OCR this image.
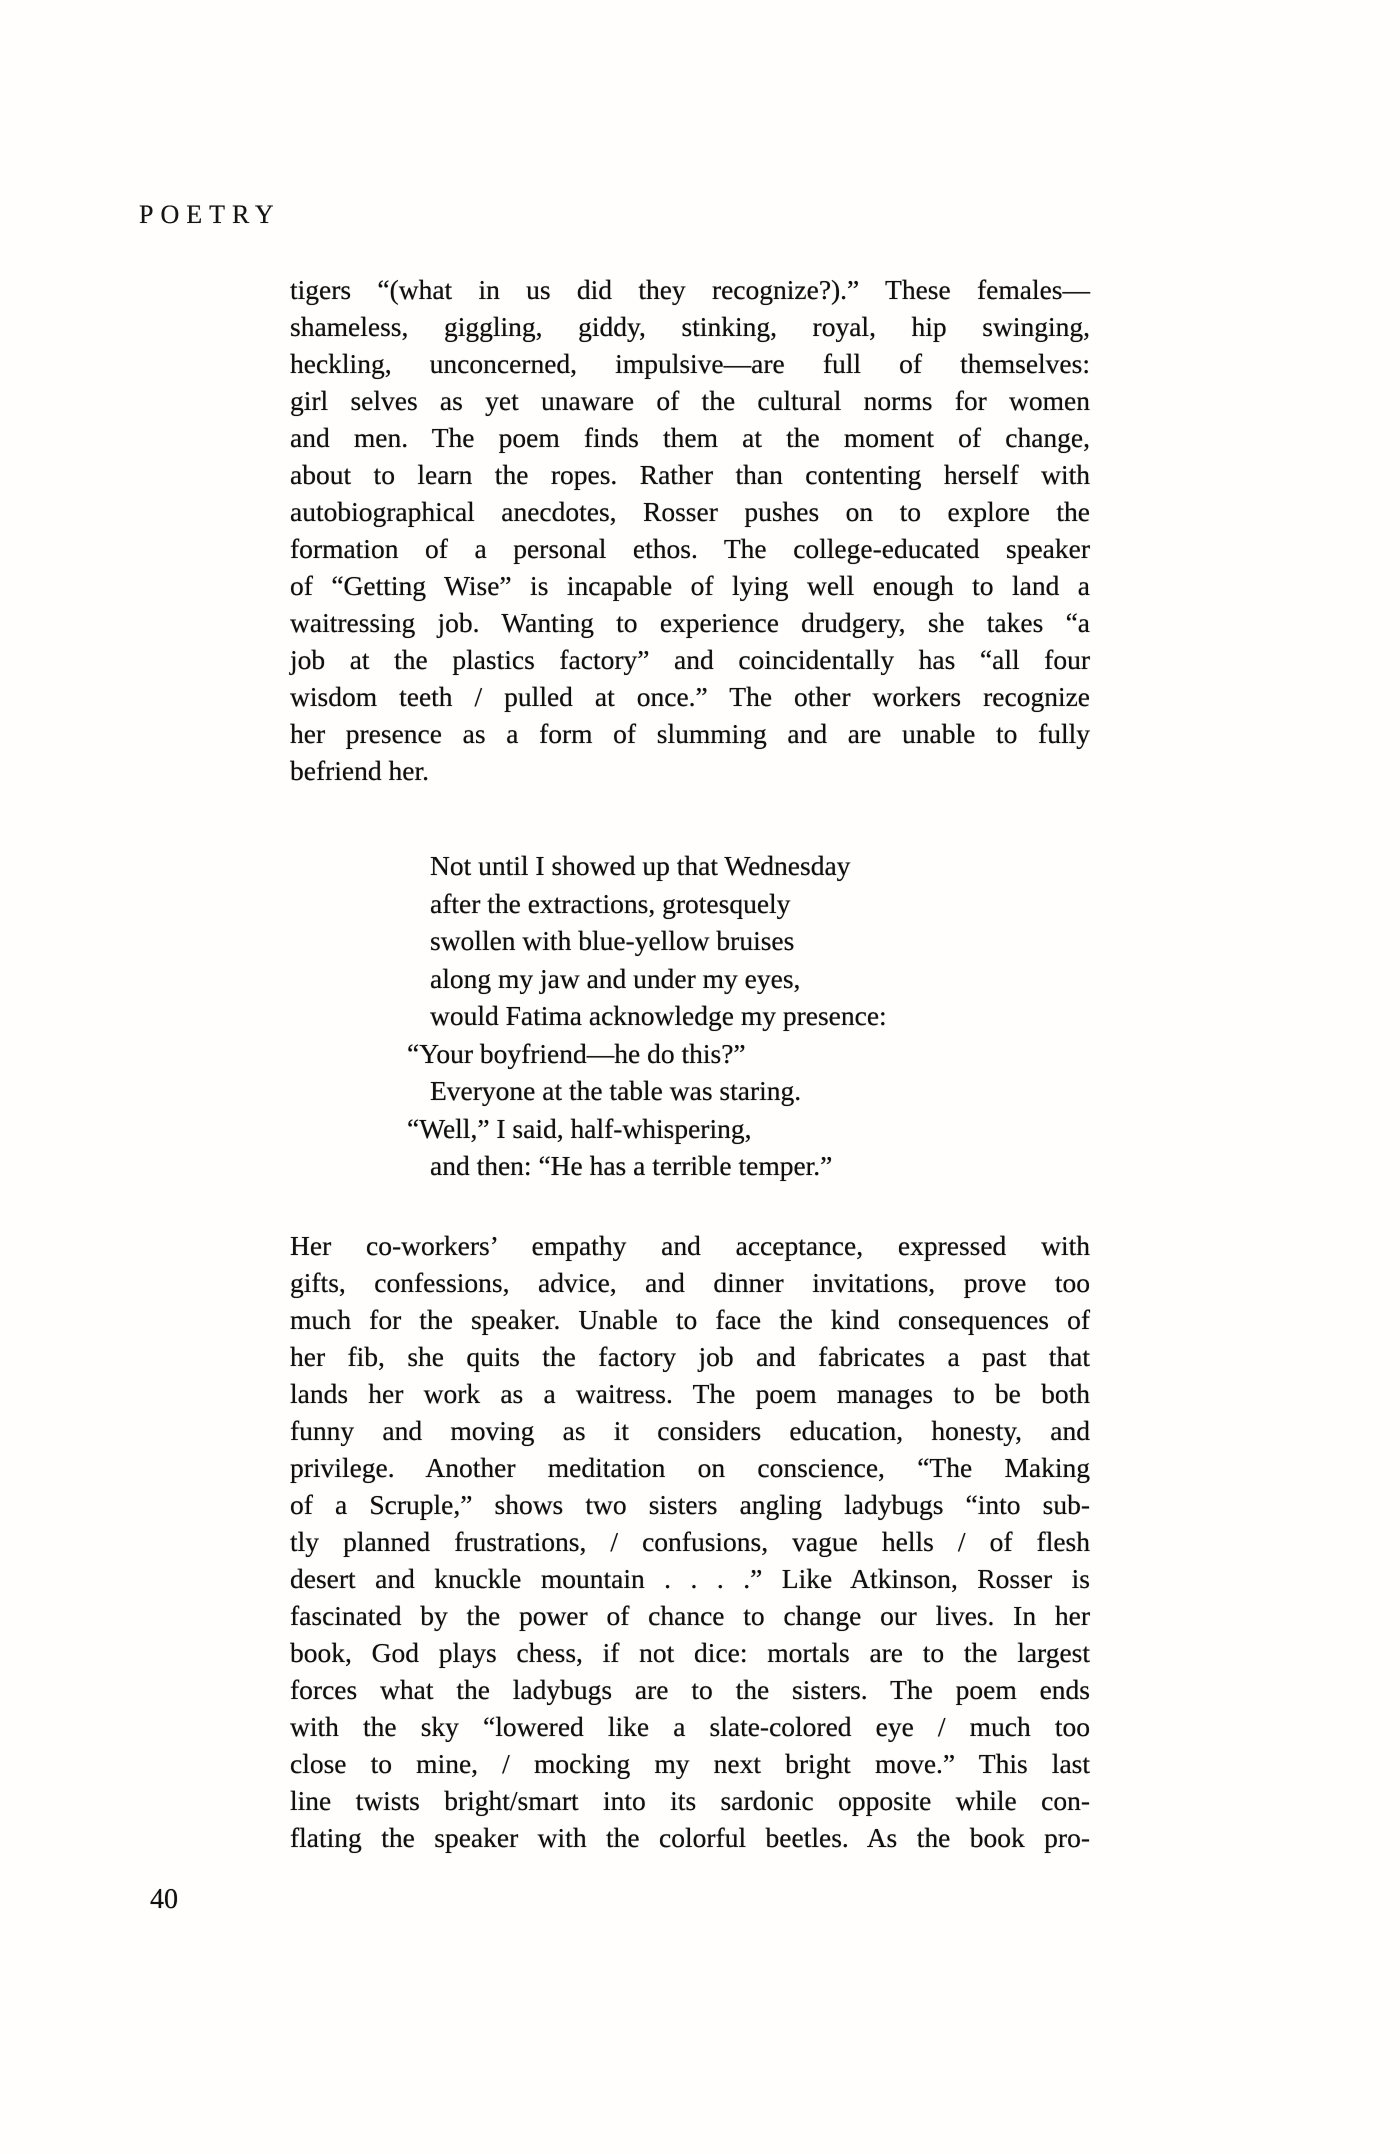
POETRY
tigers “(what in us did they recognize?).” These females—
shameless, giggling, giddy, stinking, royal, hip swinging,
heckling, unconcerned, impulsive—are full of themselves:
girl selves as yet unaware of the cultural norms for women
and men. The poem finds them at the moment of change,
about to learn the ropes. Rather than contenting herself with
autobiographical anecdotes, Rosser pushes on to explore the
formation of a personal ethos. The college-educated speaker
of “Getting Wise” is incapable of lying well enough to land a
waitressing job. Wanting to experience drudgery, she takes “a
job at the plastics factory” and coincidentally has “all four
wisdom teeth / pulled at once.” The other workers recognize
her presence as a form of slumming and are unable to fully
befriend her.
Not until I showed up that Wednesday
after the extractions, grotesquely
swollen with blue-yellow bruises
along my jaw and under my eyes,
would Fatima acknowledge my presence:
“Your boyfriend—he do this?”
Everyone at the table was staring.
“Well,” I said, half-whispering,
and then: “He has a terrible temper.”
Her co-workers’ empathy and acceptance, expressed with
gifts, confessions, advice, and dinner invitations, prove too
much for the speaker. Unable to face the kind consequences of
her fib, she quits the factory job and fabricates a past that
lands her work as a waitress. The poem manages to be both
funny and moving as it considers education, honesty, and
privilege. Another meditation on conscience, “The Making
of a Scruple,” shows two sisters angling ladybugs “into sub-
tly planned frustrations, / confusions, vague hells / of flesh
desert and knuckle mountain . . . .” Like Atkinson, Rosser is
fascinated by the power of chance to change our lives. In her
book, God plays chess, if not dice: mortals are to the largest
forces what the ladybugs are to the sisters. The poem ends
with the sky “lowered like a slate-colored eye / much too
close to mine, / mocking my next bright move.” This last
line twists bright/smart into its sardonic opposite while con-
flating the speaker with the colorful beetles. As the book pro-
40
